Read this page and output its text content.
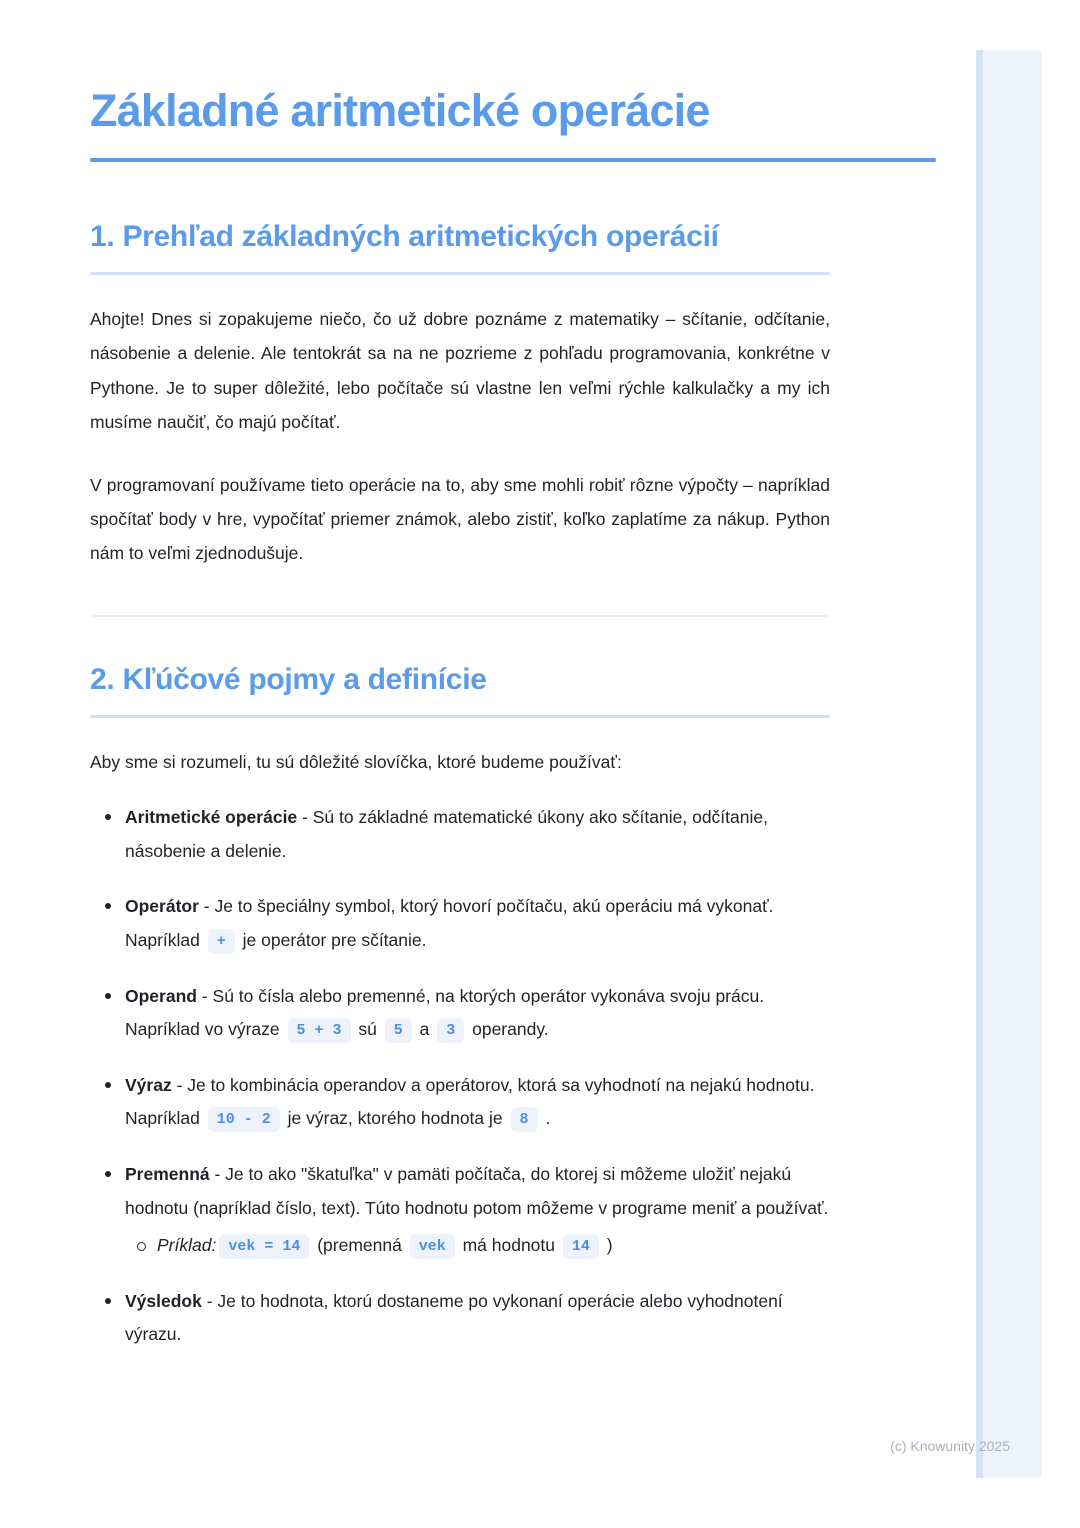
Základné aritmetické operácie
1. Prehľad základných aritmetických operácií

Ahojte! Dnes si zopakujeme niečo, čo už dobre poznáme z matematiky – sčítanie, odčítanie, násobenie a delenie. Ale tentokrát sa na ne pozrieme z pohľadu programovania, konkrétne v Pythone. Je to super dôležité, lebo počítače sú vlastne len veľmi rýchle kalkulačky a my ich musíme naučiť, čo majú počítať.

V programovaní používame tieto operácie na to, aby sme mohli robiť rôzne výpočty – napríklad spočítať body v hre, vypočítať priemer známok, alebo zistiť, koľko zaplatíme za nákup. Python nám to veľmi zjednodušuje.

2. Kľúčové pojmy a definície

Aby sme si rozumeli, tu sú dôležité slovíčka, ktoré budeme používať:

Aritmetické operácie - Sú to základné matematické úkony ako sčítanie, odčítanie, násobenie a delenie.
Operátor - Je to špeciálny symbol, ktorý hovorí počítaču, akú operáciu má vykonať. Napríklad + je operátor pre sčítanie.
Operand - Sú to čísla alebo premenné, na ktorých operátor vykonáva svoju prácu. Napríklad vo výraze 5 + 3 sú 5 a 3 operandy.
Výraz - Je to kombinácia operandov a operátorov, ktorá sa vyhodnotí na nejakú hodnotu. Napríklad 10 - 2 je výraz, ktorého hodnota je 8 .
Premenná - Je to ako "škatuľka" v pamäti počítača, do ktorej si môžeme uložiť nejakú hodnotu (napríklad číslo, text). Túto hodnotu potom môžeme v programe meniť a používať.
Príklad: vek = 14 (premenná vek má hodnotu 14 )
Výsledok - Je to hodnota, ktorú dostaneme po vykonaní operácie alebo vyhodnotení výrazu.
(c) Knowunity 2025
